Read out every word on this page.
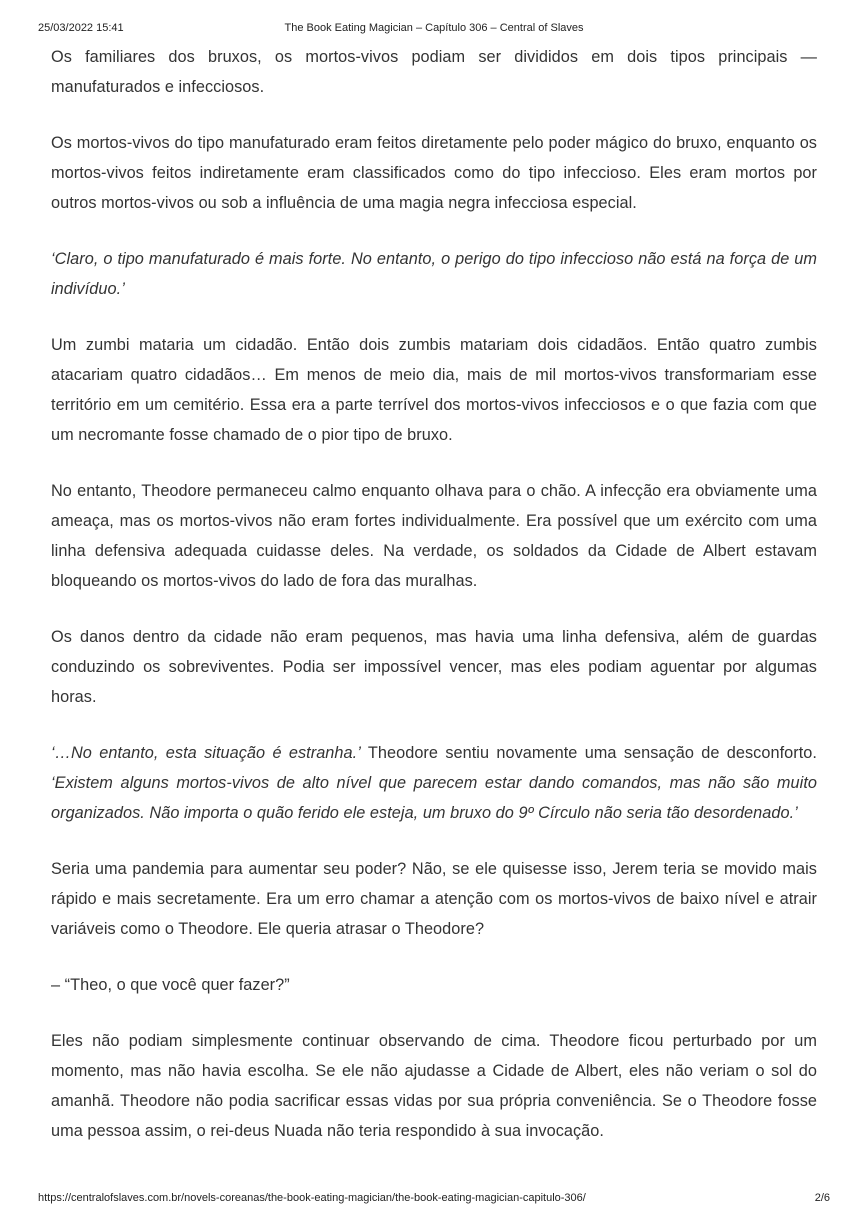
25/03/2022 15:41	The Book Eating Magician – Capítulo 306 – Central of Slaves

Os familiares dos bruxos, os mortos-vivos podiam ser divididos em dois tipos principais — manufaturados e infecciosos.

Os mortos-vivos do tipo manufaturado eram feitos diretamente pelo poder mágico do bruxo, enquanto os mortos-vivos feitos indiretamente eram classificados como do tipo infeccioso. Eles eram mortos por outros mortos-vivos ou sob a influência de uma magia negra infecciosa especial.

‘Claro, o tipo manufaturado é mais forte. No entanto, o perigo do tipo infeccioso não está na força de um indivíduo.’

Um zumbi mataria um cidadão. Então dois zumbis matariam dois cidadãos. Então quatro zumbis atacariam quatro cidadãos… Em menos de meio dia, mais de mil mortos-vivos transformariam esse território em um cemitério. Essa era a parte terrível dos mortos-vivos infecciosos e o que fazia com que um necromante fosse chamado de o pior tipo de bruxo.

No entanto, Theodore permaneceu calmo enquanto olhava para o chão. A infecção era obviamente uma ameaça, mas os mortos-vivos não eram fortes individualmente. Era possível que um exército com uma linha defensiva adequada cuidasse deles. Na verdade, os soldados da Cidade de Albert estavam bloqueando os mortos-vivos do lado de fora das muralhas.

Os danos dentro da cidade não eram pequenos, mas havia uma linha defensiva, além de guardas conduzindo os sobreviventes. Podia ser impossível vencer, mas eles podiam aguentar por algumas horas.

‘…No entanto, esta situação é estranha.’ Theodore sentiu novamente uma sensação de desconforto. ‘Existem alguns mortos-vivos de alto nível que parecem estar dando comandos, mas não são muito organizados. Não importa o quão ferido ele esteja, um bruxo do 9º Círculo não seria tão desordenado.’

Seria uma pandemia para aumentar seu poder? Não, se ele quisesse isso, Jerem teria se movido mais rápido e mais secretamente. Era um erro chamar a atenção com os mortos-vivos de baixo nível e atrair variáveis como o Theodore. Ele queria atrasar o Theodore?

– “Theo, o que você quer fazer?”

Eles não podiam simplesmente continuar observando de cima. Theodore ficou perturbado por um momento, mas não havia escolha. Se ele não ajudasse a Cidade de Albert, eles não veriam o sol do amanhã. Theodore não podia sacrificar essas vidas por sua própria conveniência. Se o Theodore fosse uma pessoa assim, o rei-deus Nuada não teria respondido à sua invocação.

https://centralofslaves.com.br/novels-coreanas/the-book-eating-magician/the-book-eating-magician-capitulo-306/	2/6
